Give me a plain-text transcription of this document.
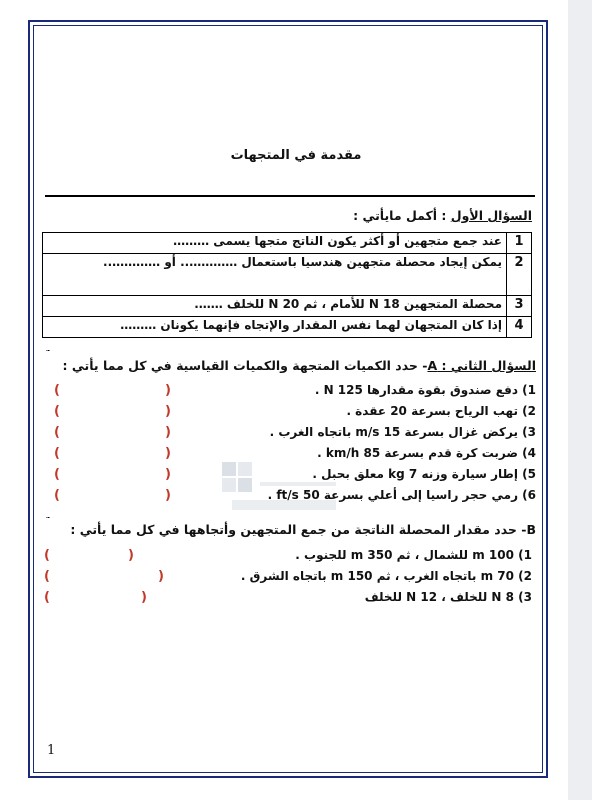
مقدمة في المتجهات
السؤال الأول : أكمل مايأتي :
1	عند جمع متجهين أو أكثر يكون الناتج متجها يسمى ………
2	يمكن إيجاد محصلة متجهين هندسيا باستعمال ………….. أو …………..
3	محصلة المتجهين N 18 للأمام ، ثم N 20 للخلف …….
4	إذا كان المتجهان لهما نفس المقدار والإتجاه فإنهما يكونان ………
السؤال الثاني : A- حدد الكميات المتجهة والكميات القياسية في كل مما يأتي :
1) دفع صندوق بقوة مقدارها N 125 .
(
)
2) تهب الرياح بسرعة 20 عقدة .
(
)
3) يركض غزال بسرعة m/s 15 باتجاه الغرب .
(
)
4) ضربت كرة قدم بسرعة km/h 85 .
(
)
5) إطار سيارة وزنه kg 7 معلق بحبل .
(
)
6) رمي حجر راسيا إلى أعلي بسرعة ft/s 50 .
(
)
B- حدد مقدار المحصلة الناتجة من جمع المتجهين وأتجاهها في كل مما يأتي :
1) m 100 للشمال ، ثم m 350 للجنوب .
(
)
2) m 70 باتجاه الغرب ، ثم m 150 باتجاه الشرق .
(
)
3) N 8 للخلف ، N 12 للخلف
(
)
1
